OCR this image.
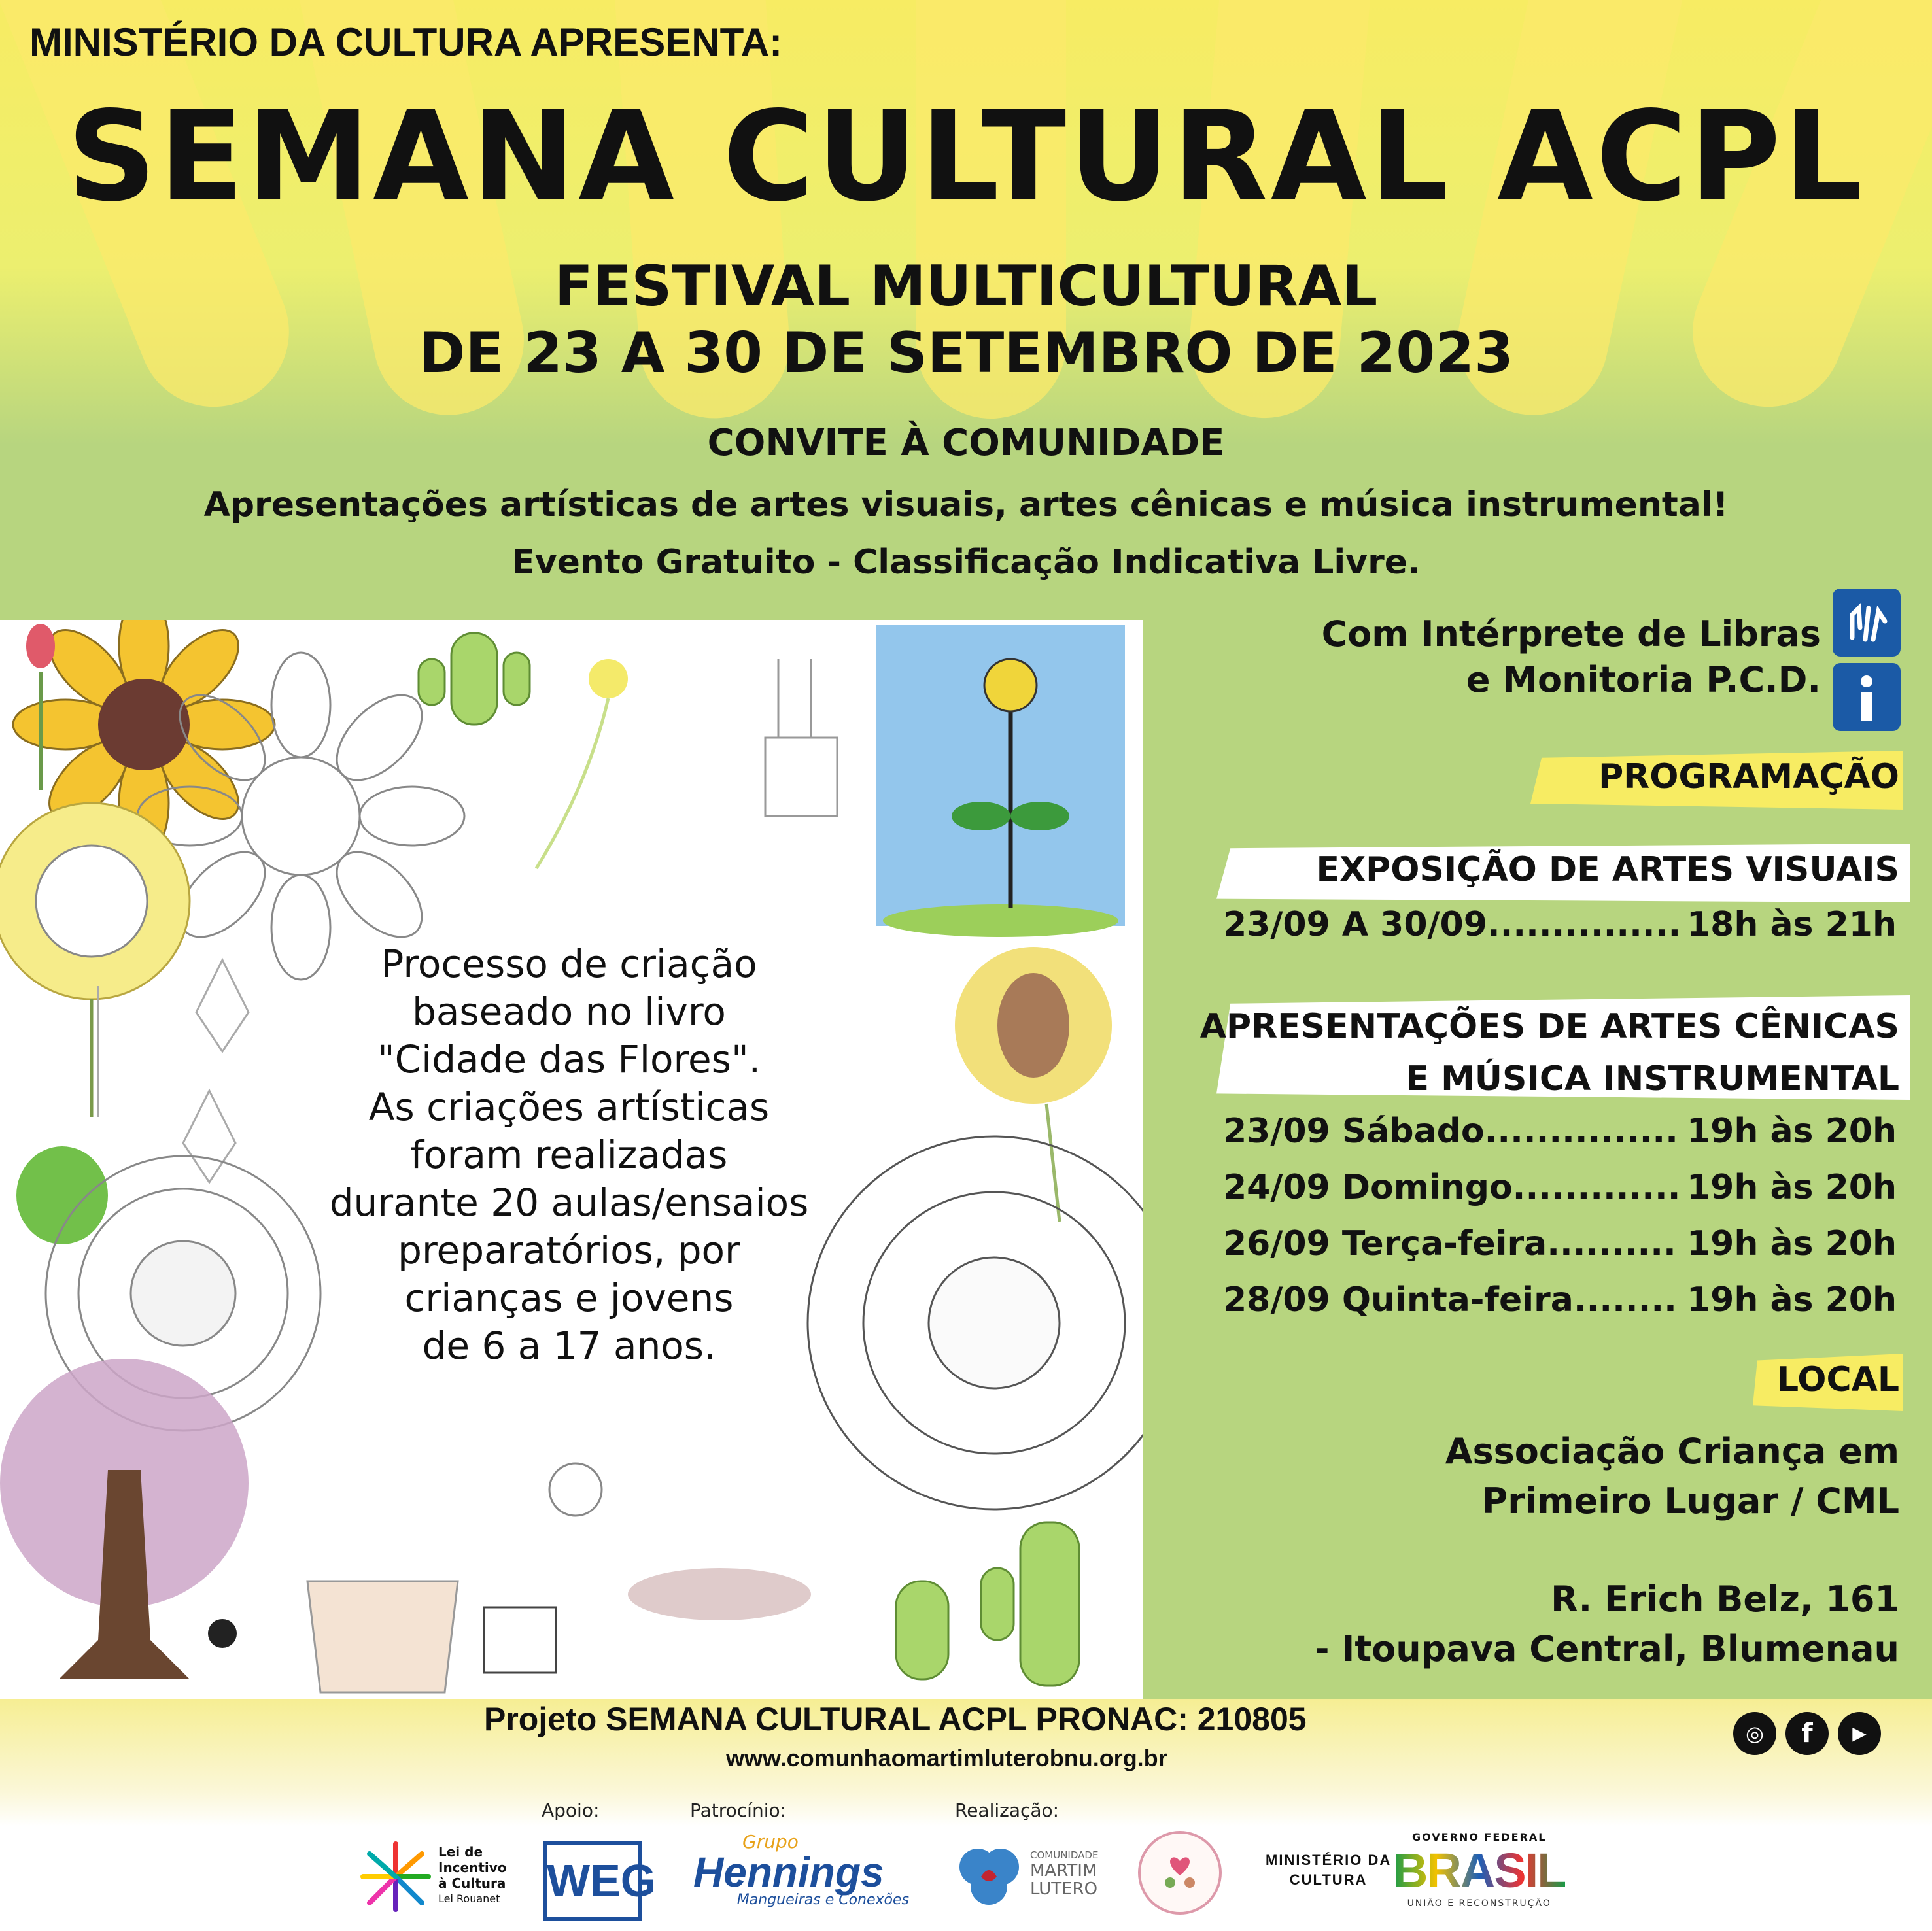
MINISTÉRIO DA CULTURA APRESENTA:
SEMANA CULTURAL ACPL
FESTIVAL MULTICULTURAL
DE 23 A 30 DE SETEMBRO DE 2023
CONVITE À COMUNIDADE
Apresentações artísticas de artes visuais, artes cênicas e música instrumental!
Evento Gratuito - Classificação Indicativa Livre.
Processo de criação
baseado no livro
"Cidade das Flores".
As criações artísticas
foram realizadas
durante 20 aulas/ensaios
preparatórios, por
crianças e jovens
de 6 a 17 anos.
Com Intérprete de Libras
e Monitoria P.C.D.
PROGRAMAÇÃO
EXPOSIÇÃO DE ARTES VISUAIS
23/09 A 30/09............... 18h às 21h
APRESENTAÇÕES DE ARTES CÊNICAS
E MÚSICA INSTRUMENTAL
23/09 Sábado............... 19h às 20h
24/09 Domingo............. 19h às 20h
26/09 Terça-feira.......... 19h às 20h
28/09 Quinta-feira........ 19h às 20h
LOCAL
Associação Criança em
Primeiro Lugar / CML
R. Erich Belz, 161
- Itoupava Central, Blumenau
Projeto SEMANA CULTURAL ACPL PRONAC: 210805
www.comunhaomartimluterobnu.org.br
◎	f	▶
Apoio:	Patrocínio:	Realização:
Lei de
Incentivo
à Cultura
Lei Rouanet	WEG
Grupo
Hennings
Mangueiras e Conexões
COMUNIDADE
MARTIM
LUTERO
MINISTÉRIO DA
CULTURA
GOVERNO FEDERAL
BRASIL
UNIÃO E RECONSTRUÇÃO
